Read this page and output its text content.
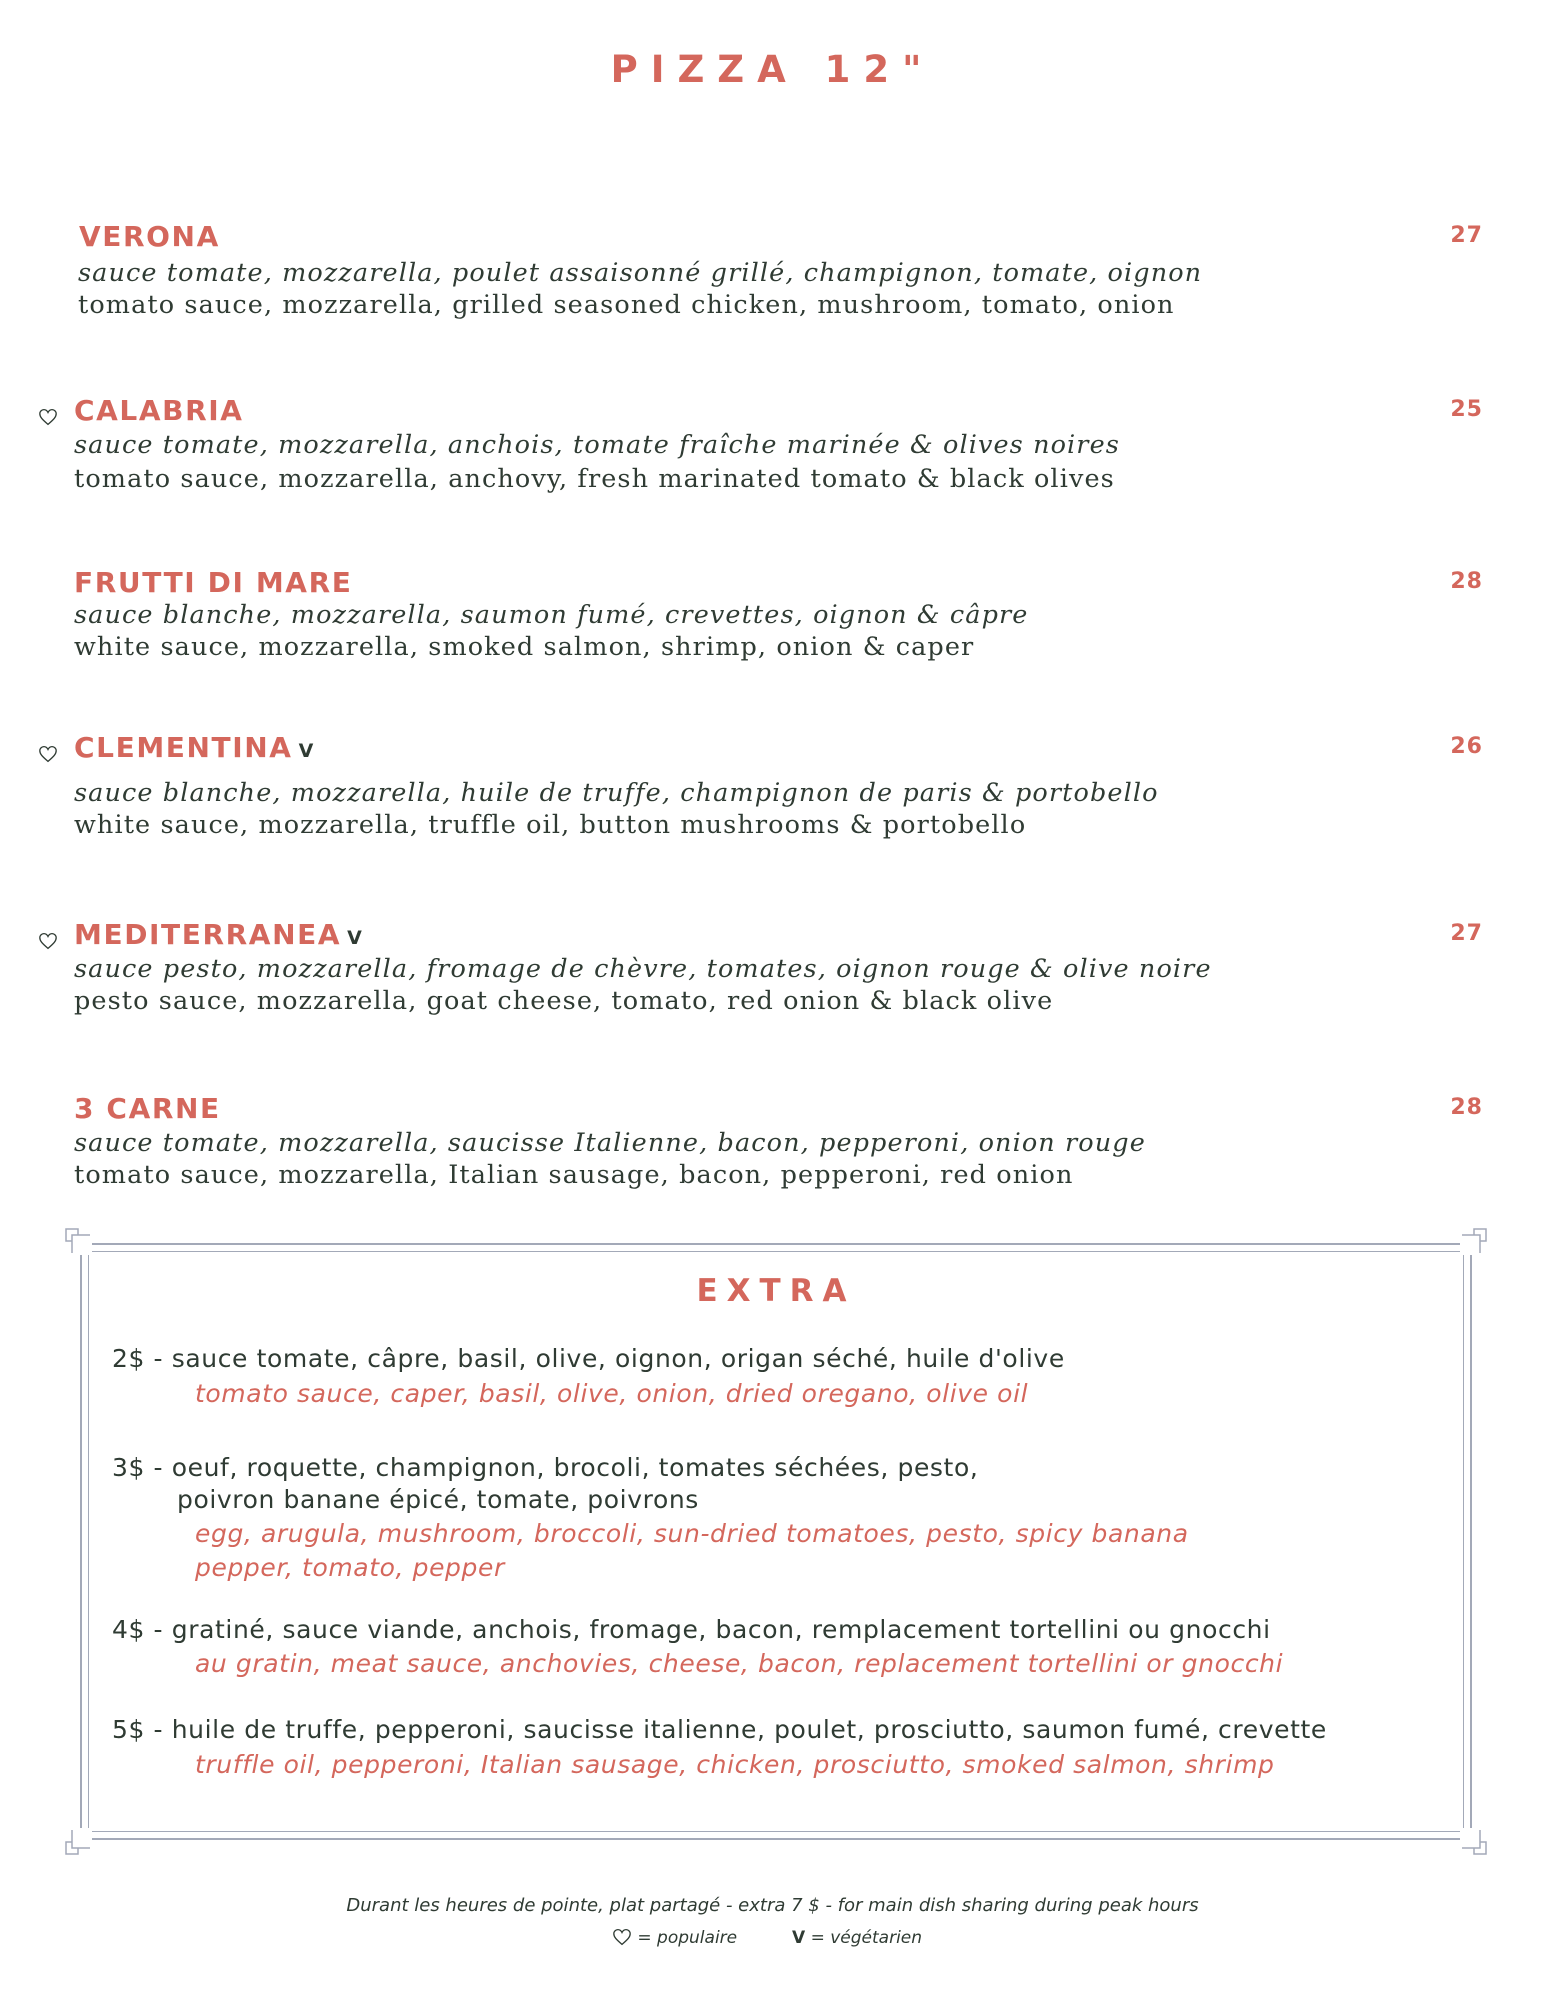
PIZZA 12"
VERONA	27
sauce tomate, mozzarella, poulet assaisonné grillé, champignon, tomate, oignon
tomato sauce, mozzarella, grilled seasoned chicken, mushroom, tomato, onion
CALABRIA	25
sauce tomate, mozzarella, anchois, tomate fraîche marinée & olives noires
tomato sauce, mozzarella, anchovy, fresh marinated tomato & black olives
FRUTTI DI MARE	28
sauce blanche, mozzarella, saumon fumé, crevettes, oignon & câpre
white sauce, mozzarella, smoked salmon, shrimp, onion & caper
CLEMENTINA V	26
sauce blanche, mozzarella, huile de truffe, champignon de paris & portobello
white sauce, mozzarella, truffle oil, button mushrooms & portobello
MEDITERRANEA V	27
sauce pesto, mozzarella, fromage de chèvre, tomates, oignon rouge & olive noire
pesto sauce, mozzarella, goat cheese, tomato, red onion & black olive
3 CARNE	28
sauce tomate, mozzarella, saucisse Italienne, bacon, pepperoni, onion rouge
tomato sauce, mozzarella, Italian sausage, bacon, pepperoni, red onion
EXTRA
2$ - sauce tomate, câpre, basil, olive, oignon, origan séché, huile d'olive
tomato sauce, caper, basil, olive, onion, dried oregano, olive oil
3$ - oeuf, roquette, champignon, brocoli, tomates séchées, pesto,
poivron banane épicé, tomate, poivrons
egg, arugula, mushroom, broccoli, sun-dried tomatoes, pesto, spicy banana
pepper, tomato, pepper
4$ - gratiné, sauce viande, anchois, fromage, bacon, remplacement tortellini ou gnocchi
au gratin, meat sauce, anchovies, cheese, bacon, replacement tortellini or gnocchi
5$ - huile de truffe, pepperoni, saucisse italienne, poulet, prosciutto, saumon fumé, crevette
truffle oil, pepperoni, Italian sausage, chicken, prosciutto, smoked salmon, shrimp
Durant les heures de pointe, plat partagé - extra 7 $ - for main dish sharing during peak hours
= populaire	V = végétarien
